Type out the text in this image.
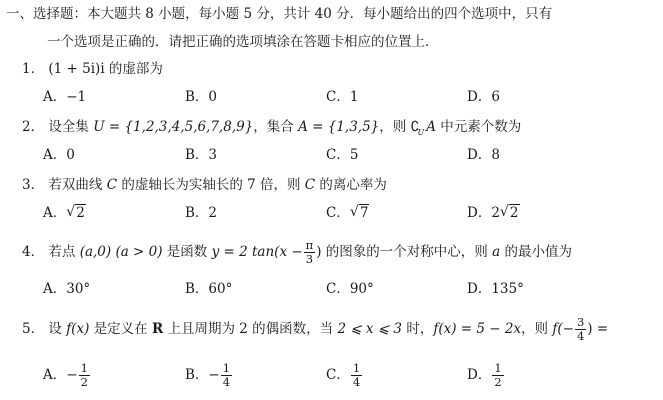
一、选择题：本大题共 8 小题，每小题 5 分，共计 40 分．每小题给出的四个选项中，只有
一个选项是正确的．请把正确的选项填涂在答题卡相应的位置上．
1． (1 + 5i)i 的虚部为
A．−1	B．0	C．1	D．6
2． 设全集 U = {1,2,3,4,5,6,7,8,9}，集合 A = {1,3,5}，则 $∁_U$ A 中元素个数为
A．0	B．3	C．5	D．8
3． 若双曲线 C 的虚轴长为实轴长的 7 倍，则 C 的离心率为
A． √ 2	B．2	C． √ 7	D．2 √ 2
4． 若点 (a,0) (a > 0) 是函数 y = 2 $\tan(x - \frac{\pi}{3}$ ) 的图象的一个对称中心，则 a 的最小值为
A．30°	B．60°	C．90°	D．135°
5． 设 f(x) 是定义在 R 上且周期为 2 的偶函数，当 2 ⩽ x ⩽ 3 时，f(x) = 5 − 2x，则 $f(- \frac{3}{4}$ ) =
A．− $\frac{1}{2}$	B．− $\frac{1}{4}$	C． $\frac{1}{4}$	D． $\frac{1}{2}$
